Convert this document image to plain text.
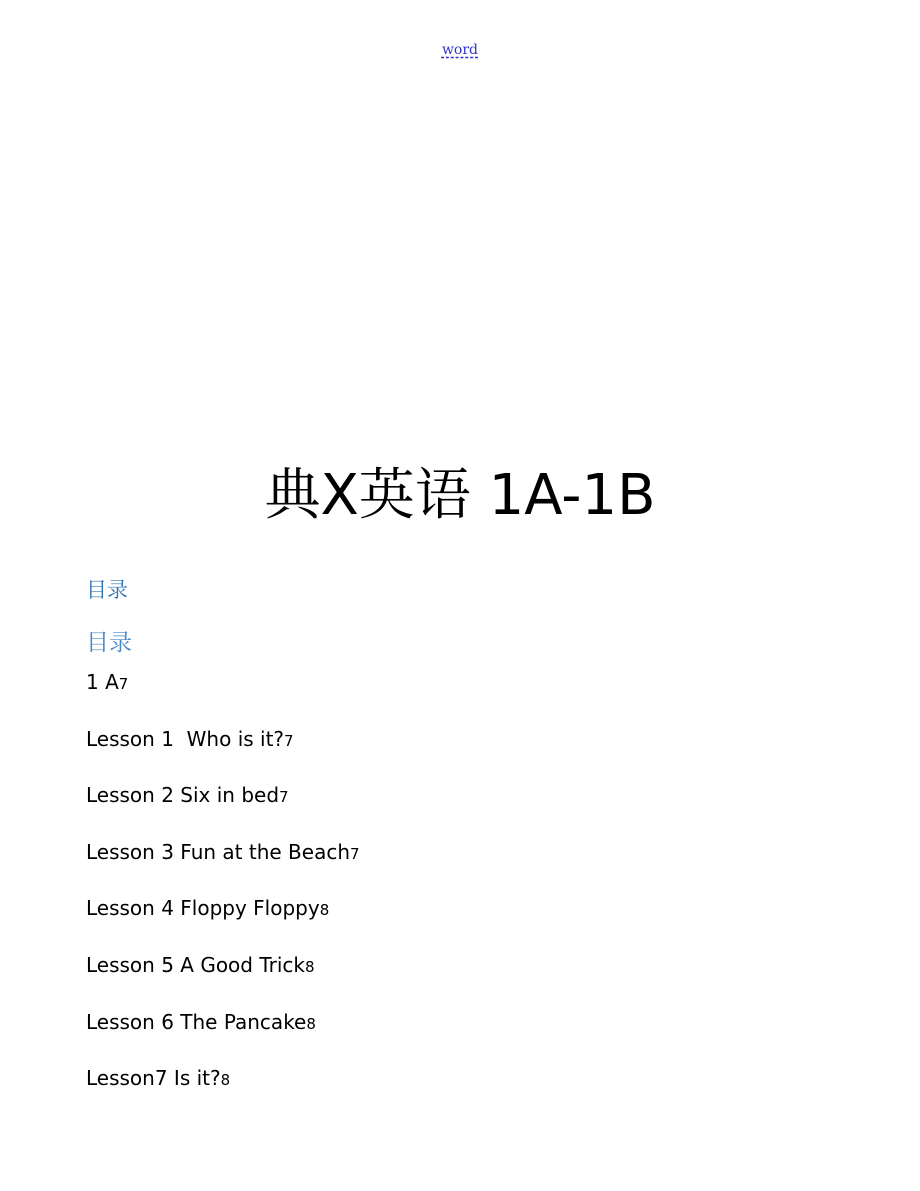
word
典X英语 1A-1B
目录
目录
1 A7
Lesson 1  Who is it?7
Lesson 2 Six in bed7
Lesson 3 Fun at the Beach7
Lesson 4 Floppy Floppy8
Lesson 5 A Good Trick8
Lesson 6 The Pancake8
Lesson7 Is it?8
